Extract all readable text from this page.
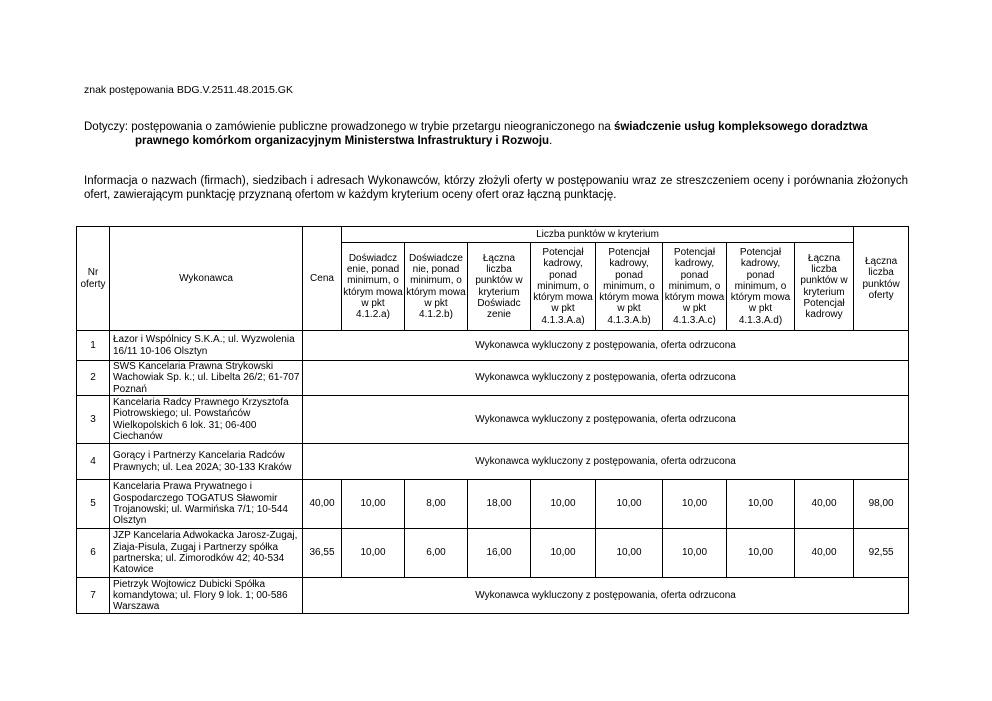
znak postępowania BDG.V.2511.48.2015.GK
Dotyczy: postępowania o zamówienie publiczne prowadzonego w trybie przetargu nieograniczonego na świadczenie usług kompleksowego doradztwa
prawnego komórkom organizacyjnym Ministerstwa Infrastruktury i Rozwoju.
Informacja o nazwach (firmach), siedzibach i adresach Wykonawców, którzy złożyli oferty w postępowaniu wraz ze streszczeniem oceny i porównania złożonych ofert, zawierającym punktację przyznaną ofertom w każdym kryterium oceny ofert oraz łączną punktację.
Nr oferty	Wykonawca	Cena	Liczba punktów w kryterium								Łączna liczba punktów oferty
			Doświadcz enie, ponad minimum, o którym mowa w pkt 4.1.2.a)	Doświadcze nie, ponad minimum, o którym mowa w pkt 4.1.2.b)	Łączna liczba punktów w kryterium Doświadc zenie	Potencjał kadrowy, ponad minimum, o którym mowa w pkt 4.1.3.A.a)	Potencjał kadrowy, ponad minimum, o którym mowa w pkt 4.1.3.A.b)	Potencjał kadrowy, ponad minimum, o którym mowa w pkt 4.1.3.A.c)	Potencjał kadrowy, ponad minimum, o którym mowa w pkt 4.1.3.A.d)	Łączna liczba punktów w kryterium Potencjał kadrowy	
1	Łazor i Wspólnicy S.K.A.; ul. Wyzwolenia 16/11 10-106 Olsztyn	Wykonawca wykluczony z postępowania, oferta odrzucona									
2	SWS Kancelaria Prawna Strykowski Wachowiak Sp. k.; ul. Libelta 26/2; 61-707 Poznań	Wykonawca wykluczony z postępowania, oferta odrzucona									
3	Kancelaria Radcy Prawnego Krzysztofa Piotrowskiego; ul. Powstańców Wielkopolskich 6 lok. 31; 06-400 Ciechanów	Wykonawca wykluczony z postępowania, oferta odrzucona									
4	Gorący i Partnerzy Kancelaria Radców Prawnych; ul. Lea 202A; 30-133 Kraków	Wykonawca wykluczony z postępowania, oferta odrzucona									
5	Kancelaria Prawa Prywatnego i Gospodarczego TOGATUS Sławomir Trojanowski; ul. Warmińska 7/1; 10-544 Olsztyn	40,00	10,00	8,00	18,00	10,00	10,00	10,00	10,00	40,00	98,00
6	JZP Kancelaria Adwokacka Jarosz-Zugaj, Ziaja-Pisula, Zugaj i Partnerzy spółka partnerska; ul. Zimorodków 42; 40-534 Katowice	36,55	10,00	6,00	16,00	10,00	10,00	10,00	10,00	40,00	92,55
7	Pietrzyk Wojtowicz Dubicki Spółka komandytowa; ul. Flory 9 lok. 1; 00-586 Warszawa	Wykonawca wykluczony z postępowania, oferta odrzucona									
